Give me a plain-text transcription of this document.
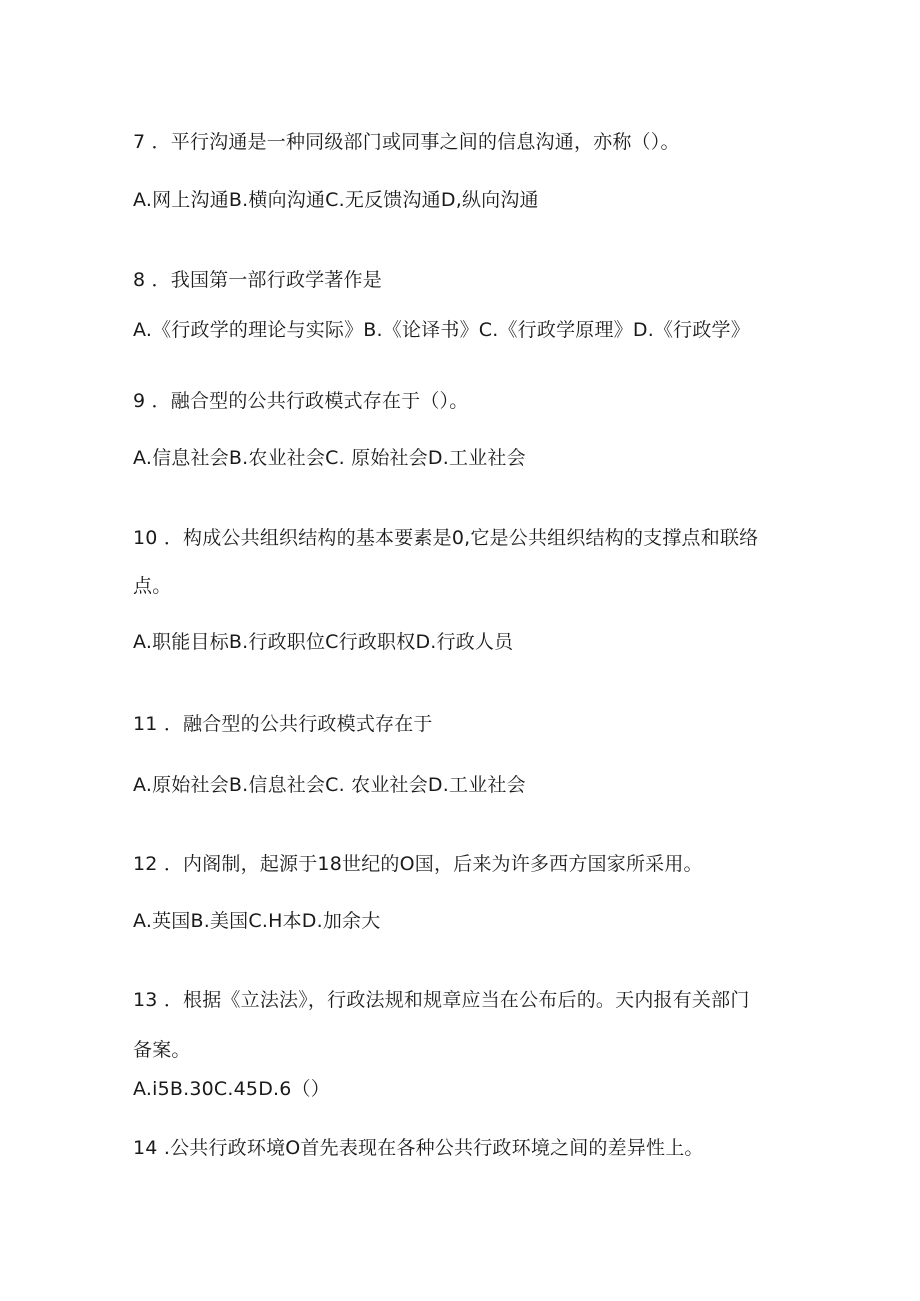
7 ．平行沟通是一种同级部门或同事之间的信息沟通，亦称（）。
A.网上沟通B.横向沟通C.无反馈沟通D,纵向沟通
8 ．我国第一部行政学著作是
A.《行政学的理论与实际》B.《论译书》C.《行政学原理》D.《行政学》
9 ．融合型的公共行政模式存在于（）。
A.信息社会B.农业社会C. 原始社会D.工业社会
10 ．构成公共组织结构的基本要素是0,它是公共组织结构的支撑点和联络
点。
A.职能目标B.行政职位C行政职权D.行政人员
11 ．融合型的公共行政模式存在于
A.原始社会B.信息社会C. 农业社会D.工业社会
12 ．内阁制，起源于18世纪的O国，后来为许多西方国家所采用。
A.英国B.美国C.H本D.加余大
13 ．根据《立法法》，行政法规和规章应当在公布后的。天内报有关部门
备案。
A.i5B.30C.45D.6（）
14 .公共行政环境O首先表现在各种公共行政环境之间的差异性上。
